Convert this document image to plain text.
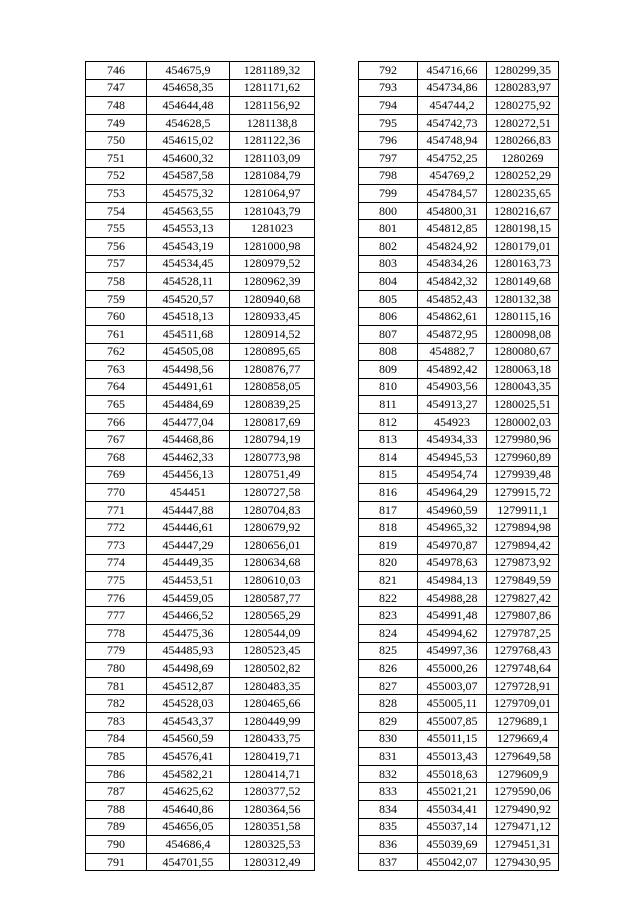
746	454675,9	1281189,32
747	454658,35	1281171,62
748	454644,48	1281156,92
749	454628,5	1281138,8
750	454615,02	1281122,36
751	454600,32	1281103,09
752	454587,58	1281084,79
753	454575,32	1281064,97
754	454563,55	1281043,79
755	454553,13	1281023
756	454543,19	1281000,98
757	454534,45	1280979,52
758	454528,11	1280962,39
759	454520,57	1280940,68
760	454518,13	1280933,45
761	454511,68	1280914,52
762	454505,08	1280895,65
763	454498,56	1280876,77
764	454491,61	1280858,05
765	454484,69	1280839,25
766	454477,04	1280817,69
767	454468,86	1280794,19
768	454462,33	1280773,98
769	454456,13	1280751,49
770	454451	1280727,58
771	454447,88	1280704,83
772	454446,61	1280679,92
773	454447,29	1280656,01
774	454449,35	1280634,68
775	454453,51	1280610,03
776	454459,05	1280587,77
777	454466,52	1280565,29
778	454475,36	1280544,09
779	454485,93	1280523,45
780	454498,69	1280502,82
781	454512,87	1280483,35
782	454528,03	1280465,66
783	454543,37	1280449,99
784	454560,59	1280433,75
785	454576,41	1280419,71
786	454582,21	1280414,71
787	454625,62	1280377,52
788	454640,86	1280364,56
789	454656,05	1280351,58
790	454686,4	1280325,53
791	454701,55	1280312,49
792	454716,66	1280299,35
793	454734,86	1280283,97
794	454744,2	1280275,92
795	454742,73	1280272,51
796	454748,94	1280266,83
797	454752,25	1280269
798	454769,2	1280252,29
799	454784,57	1280235,65
800	454800,31	1280216,67
801	454812,85	1280198,15
802	454824,92	1280179,01
803	454834,26	1280163,73
804	454842,32	1280149,68
805	454852,43	1280132,38
806	454862,61	1280115,16
807	454872,95	1280098,08
808	454882,7	1280080,67
809	454892,42	1280063,18
810	454903,56	1280043,35
811	454913,27	1280025,51
812	454923	1280002,03
813	454934,33	1279980,96
814	454945,53	1279960,89
815	454954,74	1279939,48
816	454964,29	1279915,72
817	454960,59	1279911,1
818	454965,32	1279894,98
819	454970,87	1279894,42
820	454978,63	1279873,92
821	454984,13	1279849,59
822	454988,28	1279827,42
823	454991,48	1279807,86
824	454994,62	1279787,25
825	454997,36	1279768,43
826	455000,26	1279748,64
827	455003,07	1279728,91
828	455005,11	1279709,01
829	455007,85	1279689,1
830	455011,15	1279669,4
831	455013,43	1279649,58
832	455018,63	1279609,9
833	455021,21	1279590,06
834	455034,41	1279490,92
835	455037,14	1279471,12
836	455039,69	1279451,31
837	455042,07	1279430,95
